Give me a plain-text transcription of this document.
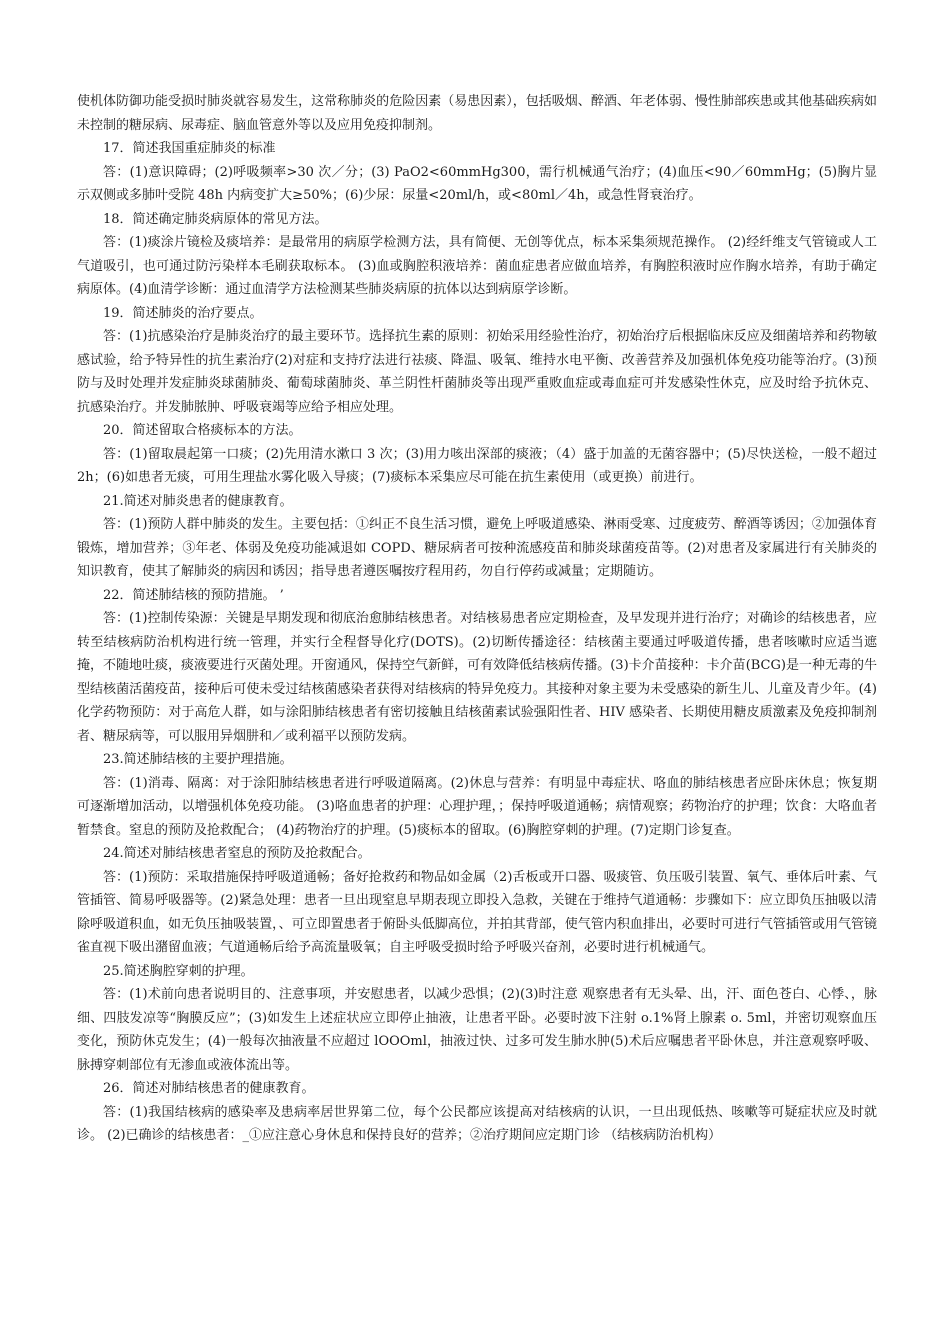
使机体防御功能受损时肺炎就容易发生，这常称肺炎的危险因素（易患因素），包括吸烟、醉酒、年老体弱、慢性肺部疾患或其他基础疾病如未控制的糖尿病、尿毒症、脑血管意外等以及应用免疫抑制剂。

17．简述我国重症肺炎的标准

答：(1)意识障碍；(2)呼吸频率>30 次／分；(3) PaO2<60mmHg300，需行机械通气治疗；(4)血压<90／60mmHg；(5)胸片显示双侧或多肺叶受院 48h 内病变扩大≥50%；(6)少尿：尿量<20ml/h，或<80ml／4h，或急性肾衰治疗。

18．简述确定肺炎病原体的常见方法。

答：(1)痰涂片镜检及痰培养：是最常用的病原学检测方法，具有简便、无创等优点，标本采集须规范操作。 (2)经纤维支气管镜或人工气道吸引，也可通过防污染样本毛刷获取标本。 (3)血或胸腔积液培养：菌血症患者应做血培养，有胸腔积液时应作胸水培养，有助于确定病原体。(4)血清学诊断：通过血清学方法检测某些肺炎病原的抗体以达到病原学诊断。

19．简述肺炎的治疗要点。

答：(1)抗感染治疗是肺炎治疗的最主要环节。选择抗生素的原则：初始采用经验性治疗，初始治疗后根据临床反应及细菌培养和药物敏感试验，给予特异性的抗生素治疗(2)对症和支持疗法进行祛痰、降温、吸氧、维持水电平衡、改善营养及加强机体免疫功能等治疗。(3)预防与及时处理并发症肺炎球菌肺炎、葡萄球菌肺炎、革兰阴性杆菌肺炎等出现严重败血症或毒血症可并发感染性休克，应及时给予抗休克、抗感染治疗。并发肺脓肿、呼吸衰竭等应给予相应处理。

20．简述留取合格痰标本的方法。

答：(1)留取晨起第一口痰；(2)先用清水漱口 3 次；(3)用力咳出深部的痰液；（4）盛于加盖的无菌容器中；(5)尽快送检，一般不超过 2h；(6)如患者无痰，可用生理盐水雾化吸入导痰；(7)痰标本采集应尽可能在抗生素使用（或更换）前进行。

21.简述对肺炎患者的健康教育。

答：(1)预防人群中肺炎的发生。主要包括：①纠正不良生活习惯，避免上呼吸道感染、淋雨受寒、过度疲劳、醉酒等诱因；②加强体育锻炼，增加营养；③年老、体弱及免疫功能减退如 COPD、糖尿病者可按种流感疫苗和肺炎球菌疫苗等。(2)对患者及家属进行有关肺炎的知识教育，使其了解肺炎的病因和诱因；指导患者遵医嘱按疗程用药，勿自行停药或减量；定期随访。

22．简述肺结核的预防措施。 ’

答：(1)控制传染源：关键是早期发现和彻底治愈肺结核患者。对结核易患者应定期检查，及早发现并进行治疗；对确诊的结核患者，应转至结核病防治机构进行统一管理，并实行全程督导化疗(DOTS)。(2)切断传播途径：结核菌主要通过呼吸道传播，患者咳嗽时应适当遮掩，不随地吐痰，痰液要进行灭菌处理。开窗通风，保持空气新鲜，可有效降低结核病传播。(3)卡介苗接种：卡介苗(BCG)是一种无毒的牛型结核菌活菌疫苗，接种后可使未受过结核菌感染者获得对结核病的特异免疫力。其接种对象主要为未受感染的新生儿、儿童及青少年。(4)化学药物预防：对于高危人群，如与涂阳肺结核患者有密切接触且结核菌素试验强阳性者、HIV 感染者、长期使用糖皮质激素及免疫抑制剂者、糖尿病等，可以服用异烟肼和／或利福平以预防发病。

23.简述肺结核的主要护理措施。

答：(1)消毒、隔离：对于涂阳肺结核患者进行呼吸道隔离。(2)休息与营养：有明显中毒症状、咯血的肺结核患者应卧床休息；恢复期可逐渐增加活动，以增强机体免疫功能。 (3)咯血患者的护理：心理护理，；保持呼吸道通畅；病情观察；药物治疗的护理；饮食：大咯血者暂禁食。窒息的预防及抢救配合； (4)药物治疗的护理。(5)痰标本的留取。(6)胸腔穿刺的护理。(7)定期门诊复查。

24.简述对肺结核患者窒息的预防及抢救配合。

答：(1)预防：采取措施保持呼吸道通畅；备好抢救药和物品如金属（2)舌板或开口器、吸痰管、负压吸引装置、氧气、垂体后叶素、气管插管、简易呼吸器等。(2)紧急处理：患者一旦出现窒息早期表现立即投入急救，关键在于维持气道通畅：步骤如下：应立即负压抽吸以清除呼吸道积血，如无负压抽吸装置，、可立即置患者于俯卧头低脚高位，并拍其背部，使气管内积血排出，必要时可进行气管插管或用气管镜雀直视下吸出潴留血液；气道通畅后给予高流量吸氧；自主呼吸受损时给予呼吸兴奋剂，必要时进行机械通气。

25.简述胸腔穿刺的护理。

答：(1)术前向患者说明目的、注意事项，并安慰患者，以减少恐惧；(2)(3)时注意 观察患者有无头晕、出，汗、面色苍白、心悸、，脉细、四肢发凉等“胸膜反应”；(3)如发生上述症状应立即停止抽液，让患者平卧。必要时波下注射 o.1%肾上腺素 o. 5ml，并密切观察血压变化，预防休克发生；(4)一般每次抽液量不应超过 lOOOml，抽液过快、过多可发生肺水肿(5)术后应嘱患者平卧休息，并注意观察呼吸、脉搏穿刺部位有无渗血或液体流出等。

26．简述对肺结核患者的健康教育。

答：(1)我国结核病的感染率及患病率居世界第二位，每个公民都应该提高对结核病的认识，一旦出现低热、咳嗽等可疑症状应及时就诊。 (2)已确诊的结核患者：_①应注意心身休息和保持良好的营养；②治疗期间应定期门诊 （结核病防治机构）
